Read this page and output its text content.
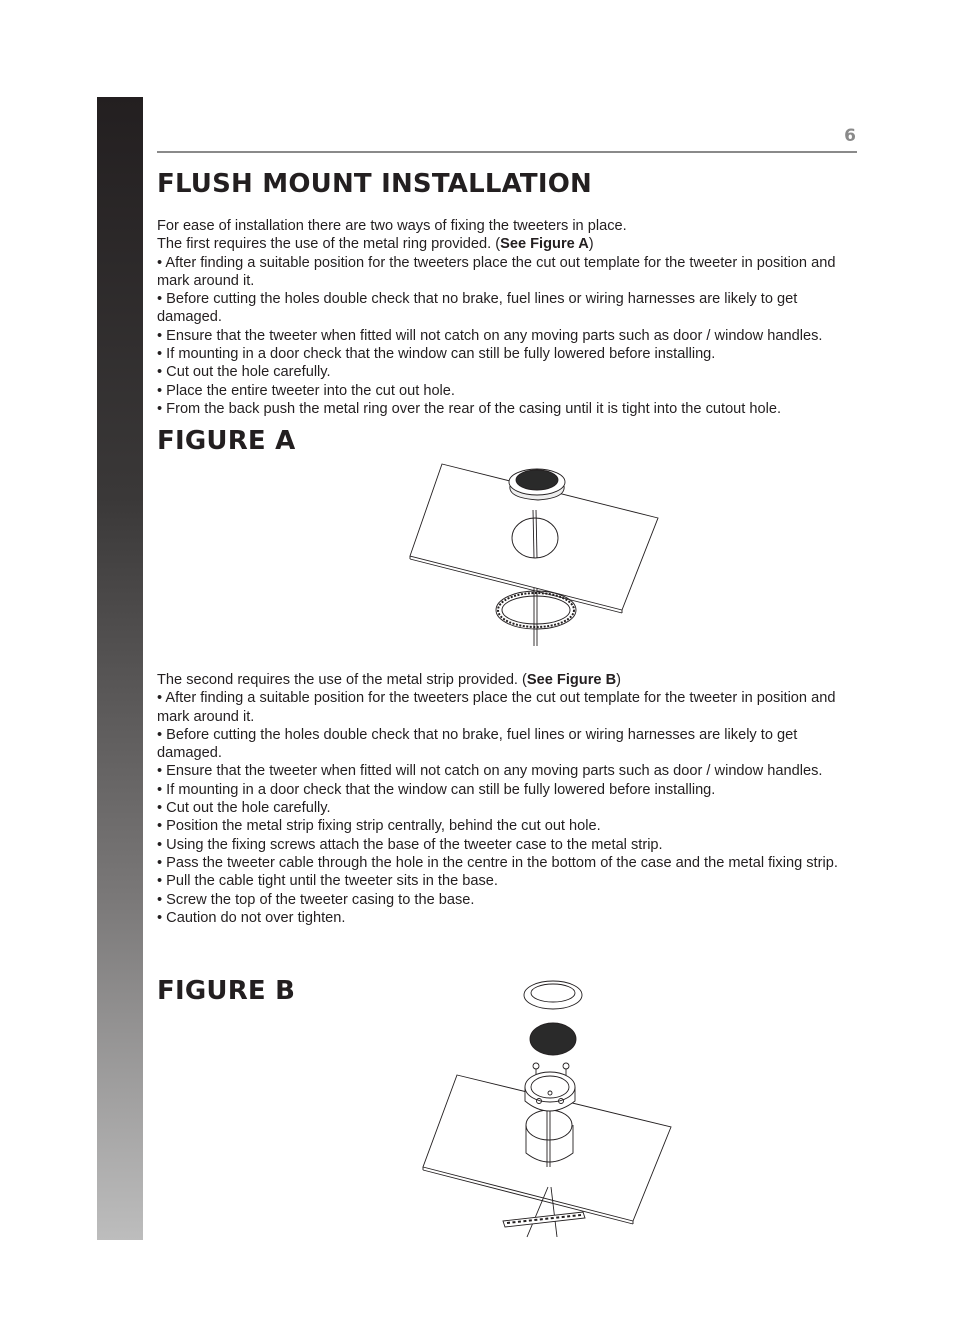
6
FLUSH MOUNT INSTALLATION

For ease of installation there are two ways of fixing the tweeters in place.

The first requires the use of the metal ring provided. (See Figure A)

• After finding a suitable position for the tweeters place the cut out template for the tweeter in position and mark around it.

• Before cutting the holes double check that no brake, fuel lines or wiring harnesses are likely to get damaged.

• Ensure that the tweeter when fitted will not catch on any moving parts such as door / window handles.

• If mounting in a door check that the window can still be fully lowered before installing.

• Cut out the hole carefully.

• Place the entire tweeter into the cut out hole.

• From the back push the metal ring over the rear of the casing until it is tight into the cutout hole.

FIGURE A

The second requires the use of the metal strip provided. (See Figure B)

• After finding a suitable position for the tweeters place the cut out template for the tweeter in position and mark around it.

• Before cutting the holes double check that no brake, fuel lines or wiring harnesses are likely to get damaged.

• Ensure that the tweeter when fitted will not catch on any moving parts such as door / window handles.

• If mounting in a door check that the window can still be fully lowered before installing.

• Cut out the hole carefully.

• Position the metal strip fixing strip centrally, behind the cut out hole.

• Using the fixing screws attach the base of the tweeter case to the metal strip.

• Pass the tweeter cable through the hole in the centre in the bottom of the case and the metal fixing strip.

• Pull the cable tight until the tweeter sits in the base.

• Screw the top of the tweeter casing to the base.

• Caution do not over tighten.

FIGURE B
